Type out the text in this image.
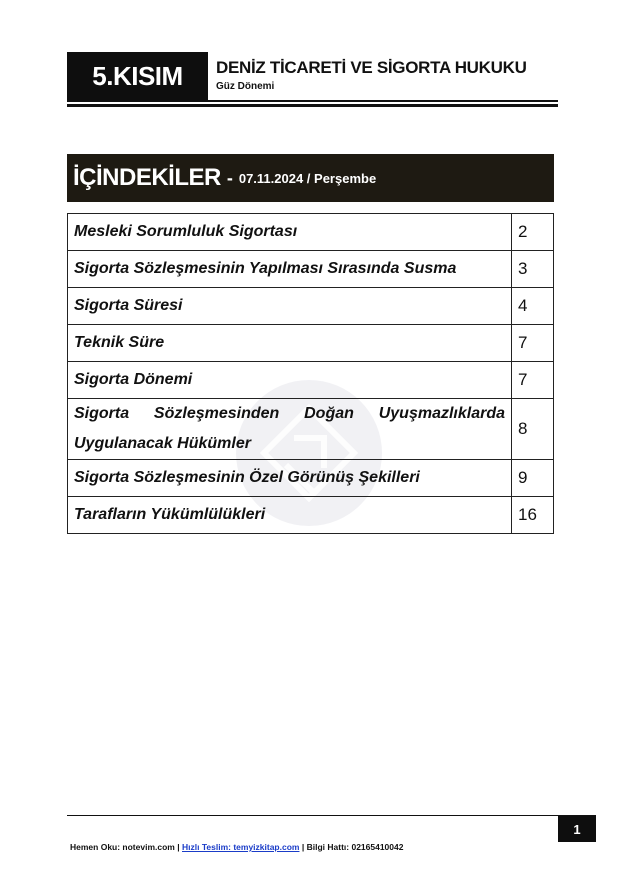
5.KISIM	DENİZ TİCARETİ VE SİGORTA HUKUKU
Güz Dönemi
İÇİNDEKİLER - 07.11.2024 / Perşembe
Mesleki Sorumluluk Sigortası	2
Sigorta Sözleşmesinin Yapılması Sırasında Susma	3
Sigorta Süresi	4
Teknik Süre	7
Sigorta Dönemi	7
Sigorta Sözleşmesinden Doğan Uyuşmazlıklarda Uygulanacak Hükümler	8
Sigorta Sözleşmesinin Özel Görünüş Şekilleri	9
Tarafların Yükümlülükleri	16
1
Hemen Oku: notevim.com | Hızlı Teslim: temyizkitap.com | Bilgi Hattı: 02165410042
